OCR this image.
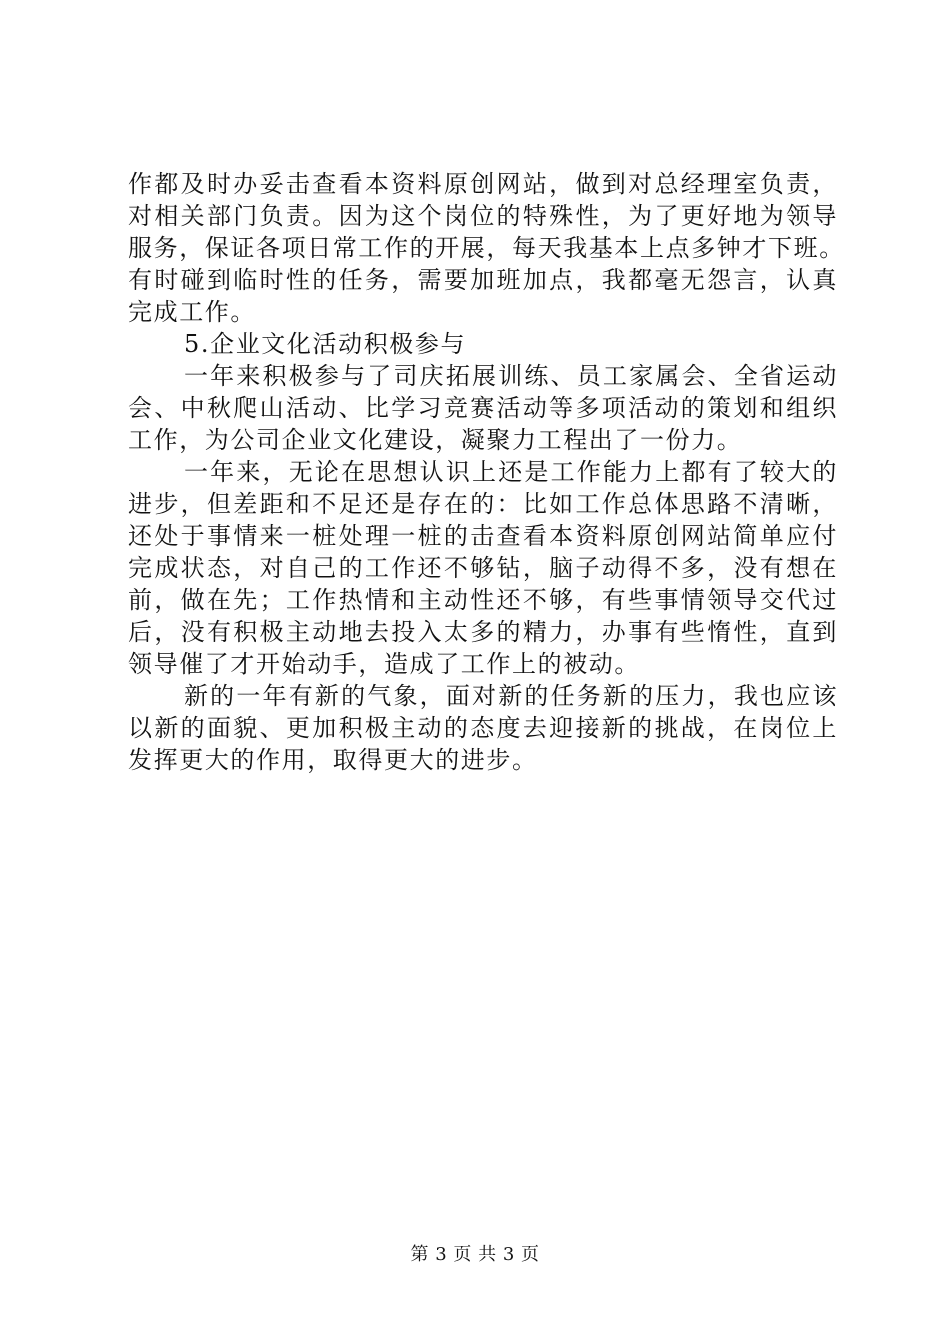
作都及时办妥击查看本资料原创网站，做到对总经理室负责，
对相关部门负责。因为这个岗位的特殊性，为了更好地为领导
服务，保证各项日常工作的开展，每天我基本上点多钟才下班。
有时碰到临时性的任务，需要加班加点，我都毫无怨言，认真
完成工作。
5.企业文化活动积极参与
一年来积极参与了司庆拓展训练、员工家属会、全省运动
会、中秋爬山活动、比学习竞赛活动等多项活动的策划和组织
工作，为公司企业文化建设，凝聚力工程出了一份力。
一年来，无论在思想认识上还是工作能力上都有了较大的
进步，但差距和不足还是存在的：比如工作总体思路不清晰，
还处于事情来一桩处理一桩的击查看本资料原创网站简单应付
完成状态，对自己的工作还不够钻，脑子动得不多，没有想在
前，做在先；工作热情和主动性还不够，有些事情领导交代过
后，没有积极主动地去投入太多的精力，办事有些惰性，直到
领导催了才开始动手，造成了工作上的被动。
新的一年有新的气象，面对新的任务新的压力，我也应该
以新的面貌、更加积极主动的态度去迎接新的挑战，在岗位上
发挥更大的作用，取得更大的进步。
第 3 页 共 3 页
